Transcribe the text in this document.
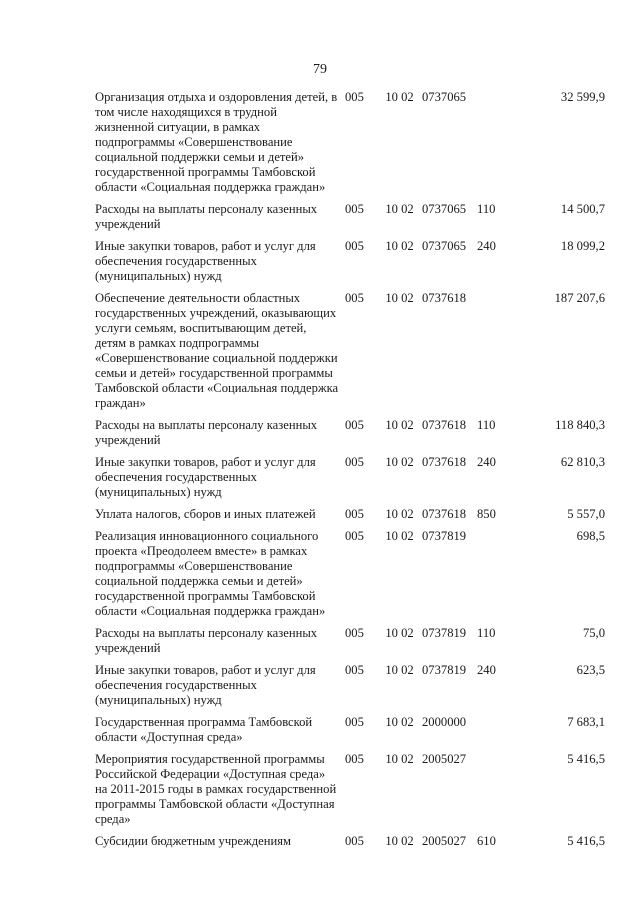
79
Организация отдыха и оздоровления детей, в том числе находящихся в трудной жизненной ситуации, в рамках подпрограммы «Совершенствование социальной поддержки семьи и детей» государственной программы Тамбовской области «Социальная поддержка граждан»	005	10 02	0737065		32 599,9
Расходы на выплаты персоналу казенных учреждений	005	10 02	0737065	110	14 500,7
Иные закупки товаров, работ и услуг для обеспечения государственных (муниципальных) нужд	005	10 02	0737065	240	18 099,2
Обеспечение деятельности областных государственных учреждений, оказывающих услуги семьям, воспитывающим детей, детям в рамках подпрограммы «Совершенствование социальной поддержки семьи и детей» государственной программы Тамбовской области «Социальная поддержка граждан»	005	10 02	0737618		187 207,6
Расходы на выплаты персоналу казенных учреждений	005	10 02	0737618	110	118 840,3
Иные закупки товаров, работ и услуг для обеспечения государственных (муниципальных) нужд	005	10 02	0737618	240	62 810,3
Уплата налогов, сборов и иных платежей	005	10 02	0737618	850	5 557,0
Реализация инновационного социального проекта «Преодолеем вместе» в рамках подпрограммы «Совершенствование социальной поддержка семьи и детей» государственной программы Тамбовской области «Социальная поддержка граждан»	005	10 02	0737819		698,5
Расходы на выплаты персоналу казенных учреждений	005	10 02	0737819	110	75,0
Иные закупки товаров, работ и услуг для обеспечения государственных (муниципальных) нужд	005	10 02	0737819	240	623,5
Государственная программа Тамбовской области «Доступная среда»	005	10 02	2000000		7 683,1
Мероприятия государственной программы Российской Федерации «Доступная среда» на 2011-2015 годы в рамках государственной программы Тамбовской области «Доступная среда»	005	10 02	2005027		5 416,5
Субсидии бюджетным учреждениям	005	10 02	2005027	610	5 416,5
